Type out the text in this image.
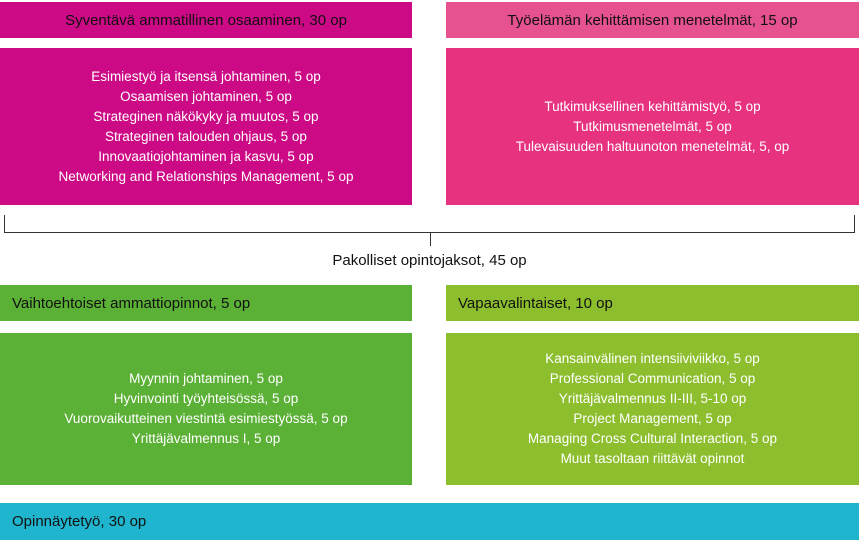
Syventävä ammatillinen osaaminen, 30 op	Työelämän kehittämisen menetelmät, 15 op
Esimiestyö ja itsensä johtaminen, 5 op
Osaamisen johtaminen, 5 op
Strateginen näkökyky ja muutos, 5 op
Strateginen talouden ohjaus, 5 op
Innovaatiojohtaminen ja kasvu, 5 op
Networking and Relationships Management, 5 op
Tutkimuksellinen kehittämistyö, 5 op
Tutkimusmenetelmät, 5 op
Tulevaisuuden haltuunoton menetelmät, 5, op
Pakolliset opintojaksot, 45 op
Vaihtoehtoiset ammattiopinnot, 5 op	Vapaavalintaiset, 10 op
Myynnin johtaminen, 5 op
Hyvinvointi työyhteisössä, 5 op
Vuorovaikutteinen viestintä esimiestyössä, 5 op
Yrittäjävalmennus I, 5 op
Kansainvälinen intensiiviviikko, 5 op
Professional Communication, 5 op
Yrittäjävalmennus II-III, 5-10 op
Project Management, 5 op
Managing Cross Cultural Interaction, 5 op
Muut tasoltaan riittävät opinnot
Opinnäytetyö, 30 op
